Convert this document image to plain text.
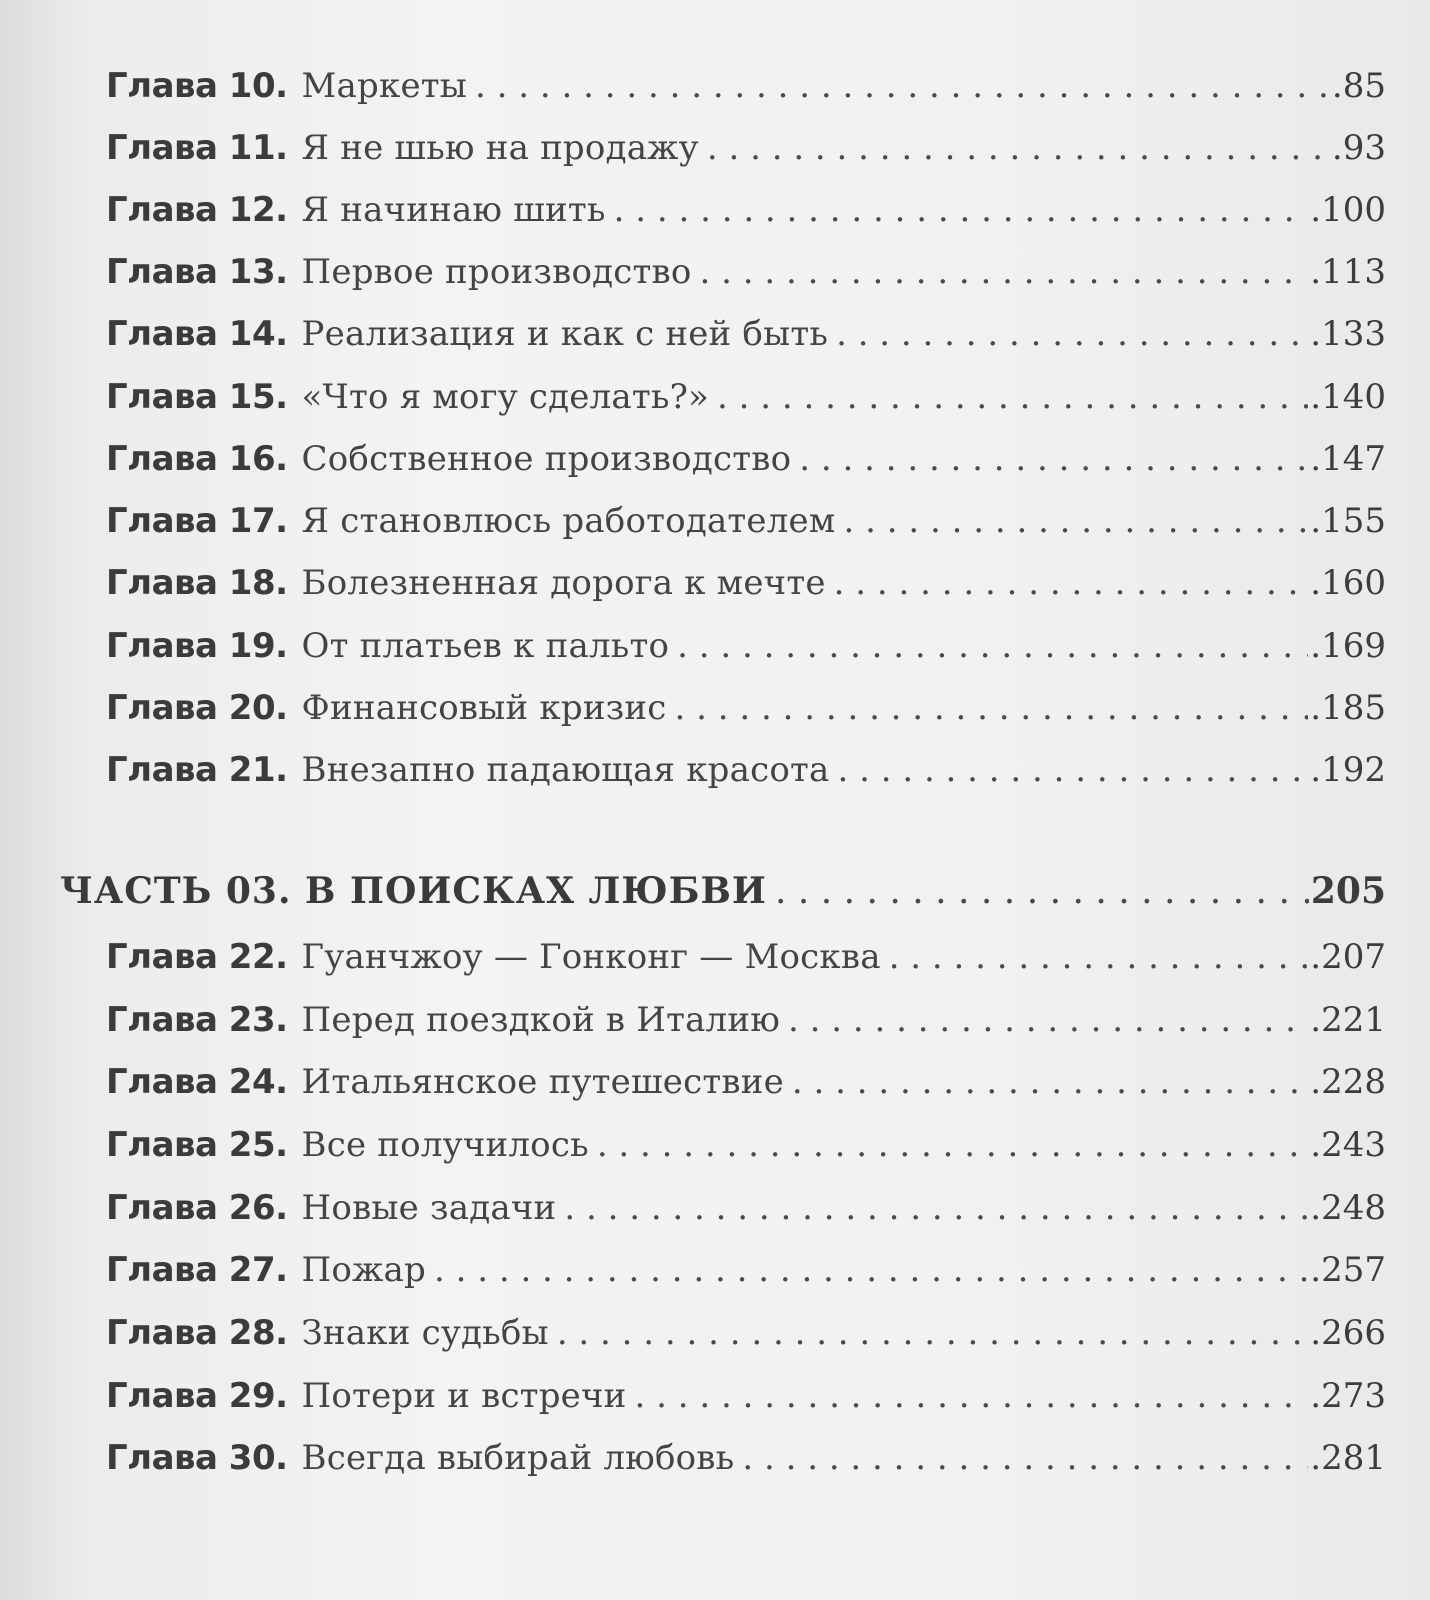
Глава 10. Маркеты . . .	.85
Глава 11. Я не шью на продажу . . .	.93
Глава 12. Я начинаю шить . . .	.100
Глава 13. Первое производство . . .	.113
Глава 14. Реализация и как с ней быть . . .	.133
Глава 15. «Что я могу сделать?» . . .	.140
Глава 16. Собственное производство . . .	.147
Глава 17. Я становлюсь работодателем . . .	.155
Глава 18. Болезненная дорога к мечте . . .	.160
Глава 19. От платьев к пальто . . .	.169
Глава 20. Финансовый кризис . . .	.185
Глава 21. Внезапно падающая красота . . .	.192
ЧАСТЬ 03. В ПОИСКАХ ЛЮБВИ . . .	205
Глава 22. Гуанчжоу — Гонконг — Москва . . .	.207
Глава 23. Перед поездкой в Италию . . .	.221
Глава 24. Итальянское путешествие . . .	.228
Глава 25. Все получилось . . .	.243
Глава 26. Новые задачи . . .	.248
Глава 27. Пожар . . .	.257
Глава 28. Знаки судьбы . . .	.266
Глава 29. Потери и встречи . . .	.273
Глава 30. Всегда выбирай любовь . . .	.281
